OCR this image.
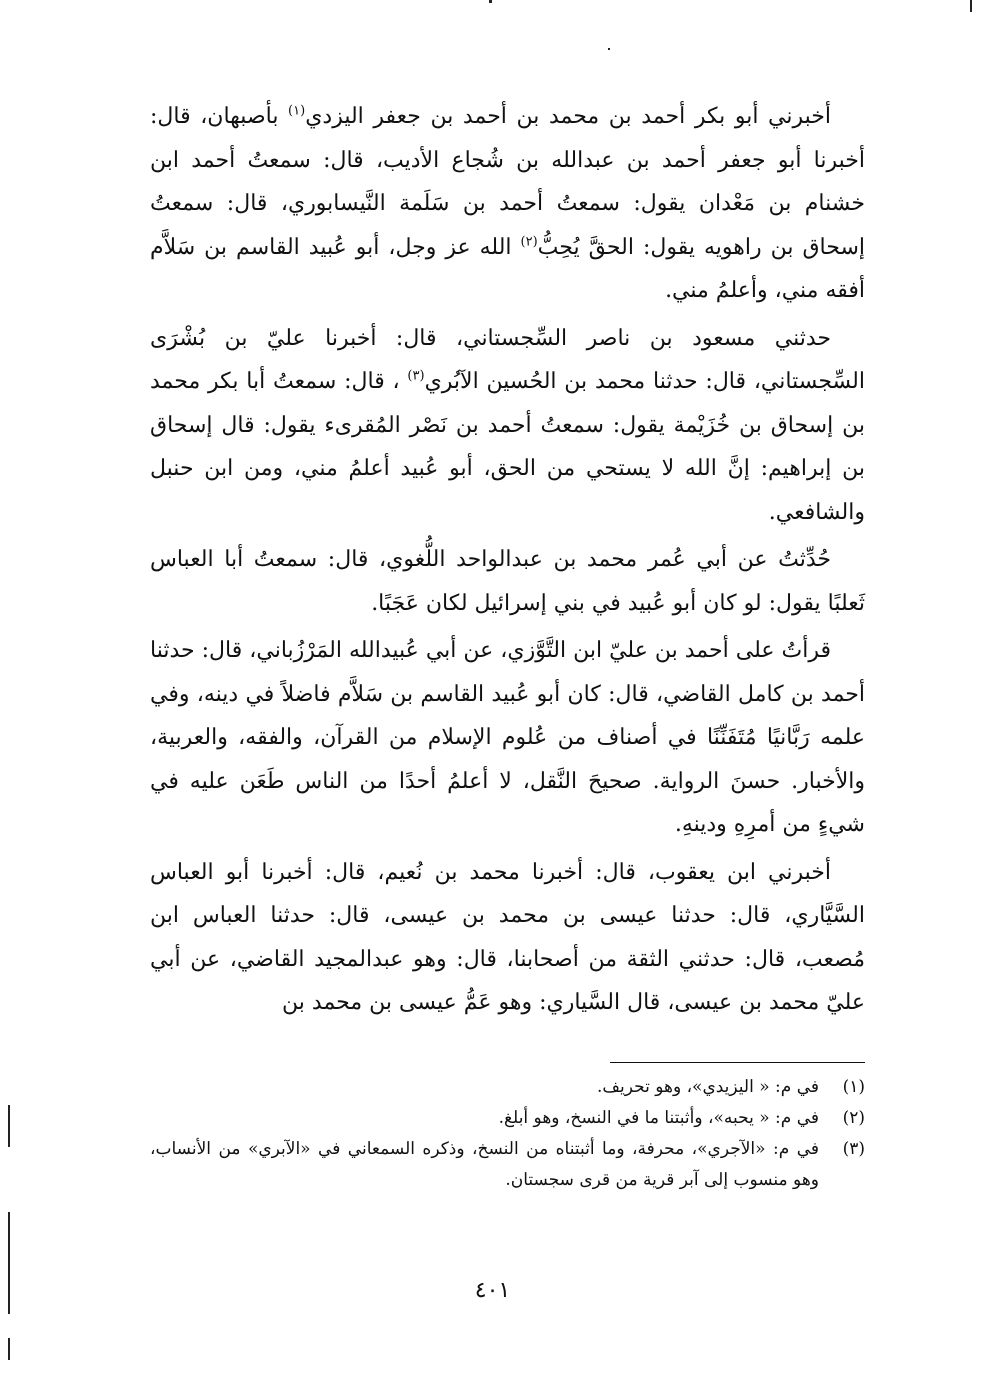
أخبرني أبو بكر أحمد بن محمد بن أحمد بن جعفر اليزدي$^{(١)}$ بأصبهان، قال: أخبرنا أبو جعفر أحمد بن عبدالله بن شُجاع الأديب، قال: سمعتُ أحمد ابن خشنام بن مَعْدان يقول: سمعتُ أحمد بن سَلَمة النَّيسابوري، قال: سمعتُ إسحاق بن راهويه يقول: الحقَّ يُحِبُّ$^{(٢)}$ الله عز وجل، أبو عُبيد القاسم بن سَلاَّم أفقه مني، وأعلمُ مني.

حدثني مسعود بن ناصر السِّجستاني، قال: أخبرنا عليّ بن بُشْرَى السِّجستاني، قال: حدثنا محمد بن الحُسين الآبُري$^{(٣)}$ ، قال: سمعتُ أبا بكر محمد بن إسحاق بن خُزَيْمة يقول: سمعتُ أحمد بن نَصْر المُقرىء يقول: قال إسحاق بن إبراهيم: إنَّ الله لا يستحي من الحق، أبو عُبيد أعلمُ مني، ومن ابن حنبل والشافعي.

حُدِّثتُ عن أبي عُمر محمد بن عبدالواحد اللُّغوي، قال: سمعتُ أبا العباس ثَعلبًا يقول: لو كان أبو عُبيد في بني إسرائيل لكان عَجَبًا.

قرأتُ على أحمد بن عليّ ابن التَّوَّزي، عن أبي عُبيدالله المَرْزُباني، قال: حدثنا أحمد بن كامل القاضي، قال: كان أبو عُبيد القاسم بن سَلاَّم فاضلاً في دينه، وفي علمه رَبَّانيًا مُتَفَنِّنًا في أصناف من عُلوم الإسلام من القرآن، والفقه، والعربية، والأخبار. حسنَ الرواية. صحيحَ النَّقل، لا أعلمُ أحدًا من الناس طَعَن عليه في شيءٍ من أمرِهِ ودينهِ.

أخبرني ابن يعقوب، قال: أخبرنا محمد بن نُعيم، قال: أخبرنا أبو العباس السَّيَّاري، قال: حدثنا عيسى بن محمد بن عيسى، قال: حدثنا العباس ابن مُصعب، قال: حدثني الثقة من أصحابنا، قال: وهو عبدالمجيد القاضي، عن أبي عليّ محمد بن عيسى، قال السَّياري: وهو عَمُّ عيسى بن محمد بن

(١)
في م: « اليزيدي»، وهو تحريف.
(٢)
في م: « يحبه»، وأثبتنا ما في النسخ، وهو أبلغ.
(٣)
في م: «الآجري»، محرفة، وما أثبتناه من النسخ، وذكره السمعاني في «الآبري» من الأنساب، وهو منسوب إلى آبر قرية من قرى سجستان.
٤٠١
